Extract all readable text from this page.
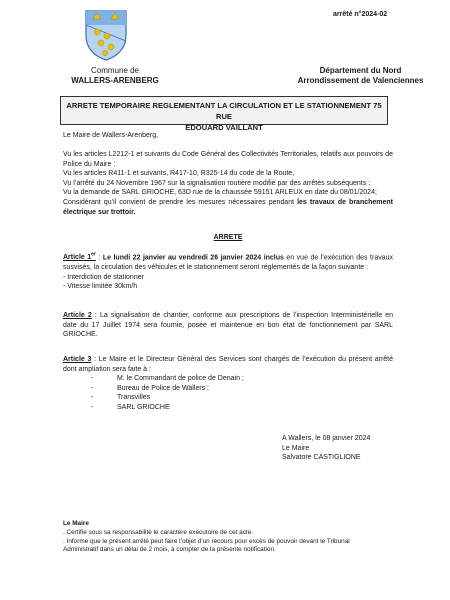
arrêté n°2024-02
Commune de
WALLERS-ARENBERG
Département du Nord
Arrondissement de Valenciennes
ARRETE TEMPORAIRE REGLEMENTANT LA CIRCULATION ET LE STATIONNEMENT 75 RUE
EDOUARD VAILLANT
Le Maire de Wallers-Arenberg,
Vu les articles L2212-1 et suivants du Code Général des Collectivités Territoriales, relatifs aux pouvoirs de Police du Maire ;
Vu les articles R411-1 et suivants, R417-10, R325-14 du code de la Route,
Vu l’arrêté du 24 Novembre 1967 sur la signalisation routière modifié par des arrêtés subséquents ;
Vu la demande de SARL GRIOCHE, 63D rue de la chaussée 59151 ARLEUX en date du 08/01/2024;
Considérant qu’il convient de prendre les mesures nécessaires pendant les travaux de branchement électrique sur trottoir.
ARRETE
Article 1er : Le lundi 22 janvier au vendredi 26 janvier 2024 inclus en vue de l’exécution des travaux susvisés, la circulation des véhicules et le stationnement seront réglementés de la façon suivante :
- Interdiction de stationner
- Vitesse limitée 30km/h
Article 2 : La signalisation de chantier, conforme aux prescriptions de l’inspection Interministérielle en date du 17 Juillet 1974 sera fournie, posée et maintenue en bon état de fonctionnement par SARL GRIOCHE.
Article 3 : Le Maire et le Directeur Général des Services sont chargés de l’exécution du présent arrêté dont ampliation sera faite à :
- M. le Commandant de police de Denain ;
- Bureau de Police de Wallers ;
- Transvilles
- SARL GRIOCHE
A Wallers, le 08 janvier 2024
Le Maire
Salvatore CASTIGLIONE
Le Maire
. Certifie sous sa responsabilité le caractère exécutoire de cet acte.
. Informe que le présent arrêté peut faire l’objet d’un recours pour excès de pouvoir devant le Tribunal
Administratif dans un délai de 2 mois, à compter de la présente notification.
